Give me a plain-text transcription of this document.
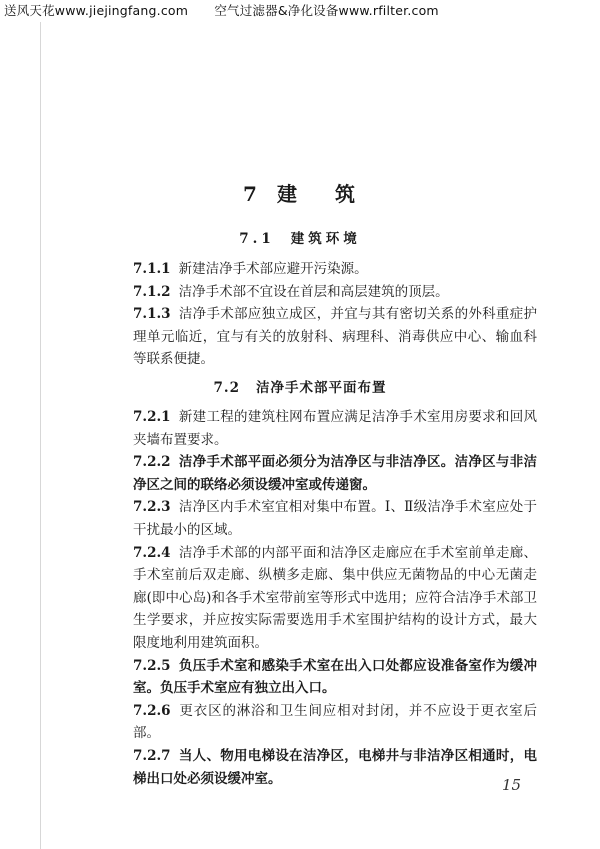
送风天花www.jiejingfang.com 空气过滤器&净化设备www.rfilter.com
7 建 筑
7.1 建筑环境
7.1.1 新建洁净手术部应避开污染源。
7.1.2 洁净手术部不宜设在首层和高层建筑的顶层。
7.1.3 洁净手术部应独立成区，并宜与其有密切关系的外科重症护理单元临近，宜与有关的放射科、病理科、消毒供应中心、输血科等联系便捷。
7.2 洁净手术部平面布置
7.2.1 新建工程的建筑柱网布置应满足洁净手术室用房要求和回风夹墙布置要求。
7.2.2 洁净手术部平面必须分为洁净区与非洁净区。洁净区与非洁净区之间的联络必须设缓冲室或传递窗。
7.2.3 洁净区内手术室宜相对集中布置。Ⅰ、Ⅱ级洁净手术室应处于干扰最小的区域。
7.2.4 洁净手术部的内部平面和洁净区走廊应在手术室前单走廊、手术室前后双走廊、纵横多走廊、集中供应无菌物品的中心无菌走廊(即中心岛)和各手术室带前室等形式中选用；应符合洁净手术部卫生学要求，并应按实际需要选用手术室围护结构的设计方式，最大限度地利用建筑面积。
7.2.5 负压手术室和感染手术室在出入口处都应设准备室作为缓冲室。负压手术室应有独立出入口。
7.2.6 更衣区的淋浴和卫生间应相对封闭，并不应设于更衣室后部。
7.2.7 当人、物用电梯设在洁净区，电梯井与非洁净区相通时，电梯出口处必须设缓冲室。	15
